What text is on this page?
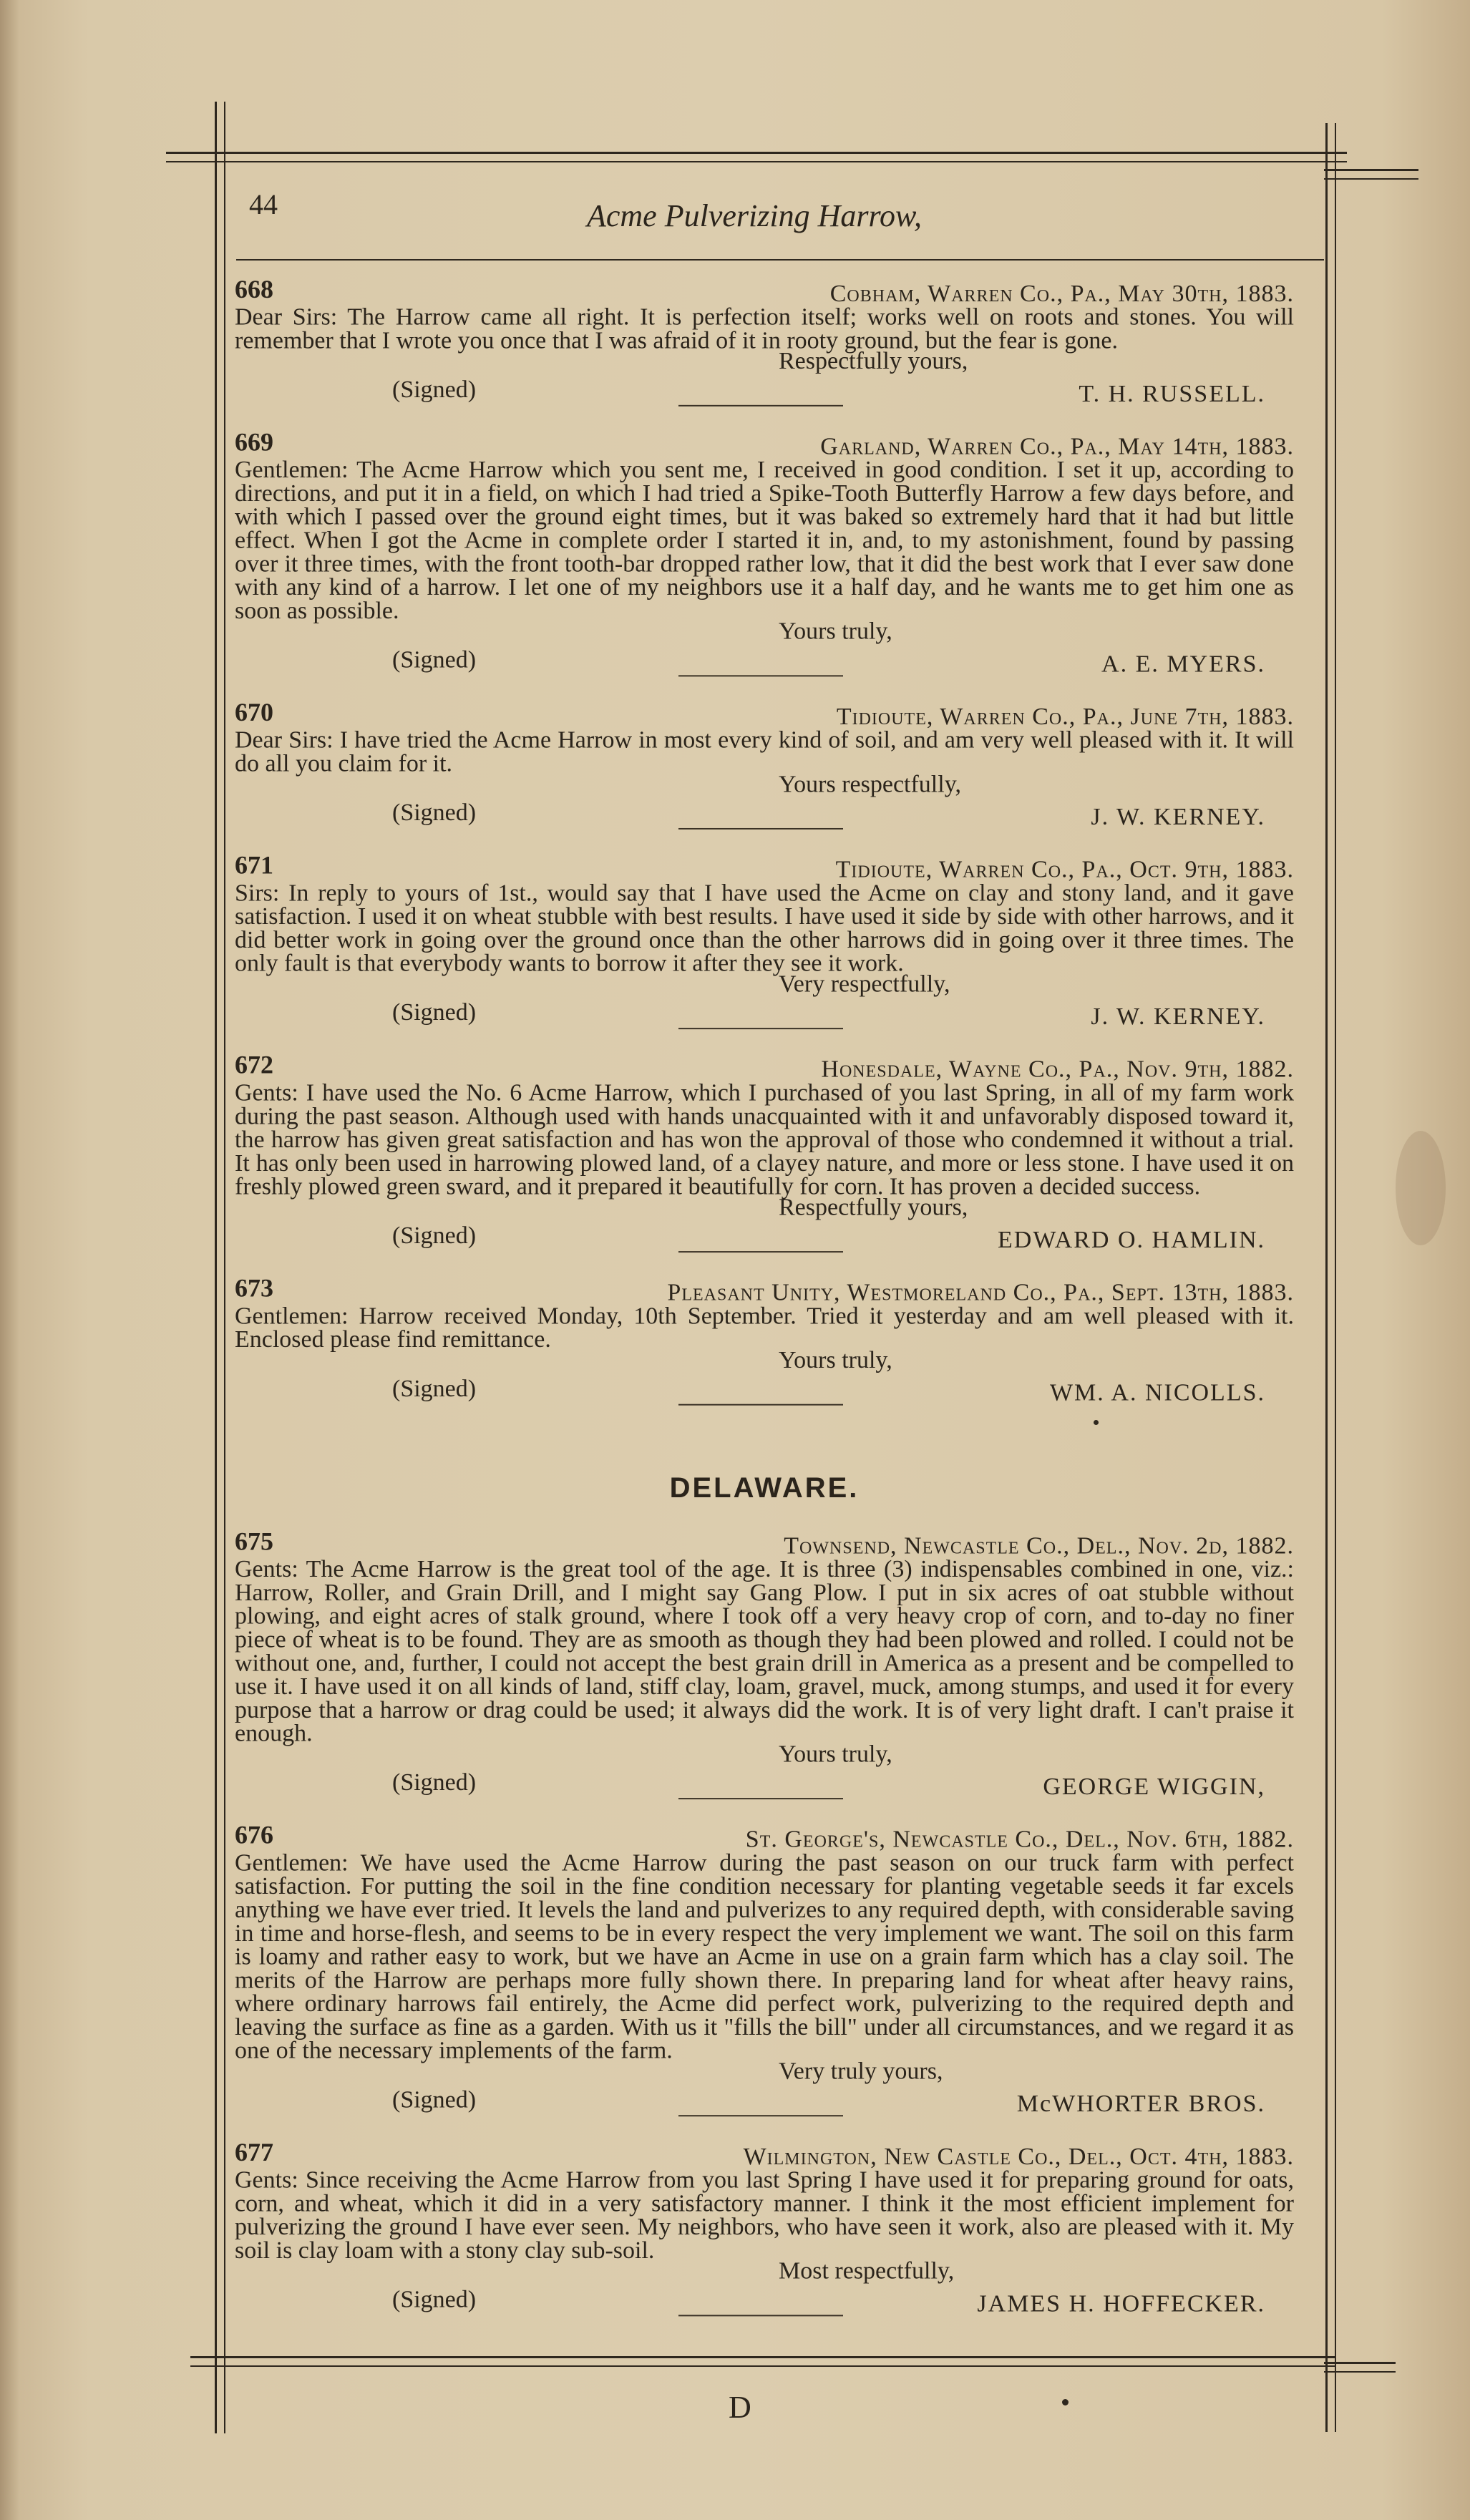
44	Acme Pulverizing Harrow,
668	Cobham, Warren Co., Pa., May 30th, 1883.
Dear Sirs: The Harrow came all right. It is perfection itself; works well on roots and stones. You will remember that I wrote you once that I was afraid of it in rooty ground, but the fear is gone.
Respectfully yours,
(Signed)	T. H. RUSSELL.
669	Garland, Warren Co., Pa., May 14th, 1883.
Gentlemen: The Acme Harrow which you sent me, I received in good condition. I set it up, according to directions, and put it in a field, on which I had tried a Spike-Tooth Butterfly Harrow a few days before, and with which I passed over the ground eight times, but it was baked so extremely hard that it had but little effect. When I got the Acme in complete order I started it in, and, to my astonishment, found by passing over it three times, with the front tooth-bar dropped rather low, that it did the best work that I ever saw done with any kind of a harrow. I let one of my neighbors use it a half day, and he wants me to get him one as soon as possible.
Yours truly,
(Signed)	A. E. MYERS.
670	Tidioute, Warren Co., Pa., June 7th, 1883.
Dear Sirs: I have tried the Acme Harrow in most every kind of soil, and am very well pleased with it. It will do all you claim for it.
Yours respectfully,
(Signed)	J. W. KERNEY.
671	Tidioute, Warren Co., Pa., Oct. 9th, 1883.
Sirs: In reply to yours of 1st., would say that I have used the Acme on clay and stony land, and it gave satisfaction. I used it on wheat stubble with best results. I have used it side by side with other harrows, and it did better work in going over the ground once than the other harrows did in going over it three times. The only fault is that everybody wants to borrow it after they see it work.
Very respectfully,
(Signed)	J. W. KERNEY.
672	Honesdale, Wayne Co., Pa., Nov. 9th, 1882.
Gents: I have used the No. 6 Acme Harrow, which I purchased of you last Spring, in all of my farm work during the past season. Although used with hands unacquainted with it and unfavorably disposed toward it, the harrow has given great satisfaction and has won the approval of those who condemned it without a trial. It has only been used in harrowing plowed land, of a clayey nature, and more or less stone. I have used it on freshly plowed green sward, and it prepared it beautifully for corn. It has proven a decided success.
Respectfully yours,
(Signed)	EDWARD O. HAMLIN.
673	Pleasant Unity, Westmoreland Co., Pa., Sept. 13th, 1883.
Gentlemen: Harrow received Monday, 10th September. Tried it yesterday and am well pleased with it. Enclosed please find remittance.
Yours truly,
(Signed)	WM. A. NICOLLS.
DELAWARE.
675	Townsend, Newcastle Co., Del., Nov. 2d, 1882.
Gents: The Acme Harrow is the great tool of the age. It is three (3) indispensables combined in one, viz.: Harrow, Roller, and Grain Drill, and I might say Gang Plow. I put in six acres of oat stubble without plowing, and eight acres of stalk ground, where I took off a very heavy crop of corn, and to-day no finer piece of wheat is to be found. They are as smooth as though they had been plowed and rolled. I could not be without one, and, further, I could not accept the best grain drill in America as a present and be compelled to use it. I have used it on all kinds of land, stiff clay, loam, gravel, muck, among stumps, and used it for every purpose that a harrow or drag could be used; it always did the work. It is of very light draft. I can't praise it enough.
Yours truly,
(Signed)	GEORGE WIGGIN,
676	St. George's, Newcastle Co., Del., Nov. 6th, 1882.
Gentlemen: We have used the Acme Harrow during the past season on our truck farm with perfect satisfaction. For putting the soil in the fine condition necessary for planting vegetable seeds it far excels anything we have ever tried. It levels the land and pulverizes to any required depth, with considerable saving in time and horse-flesh, and seems to be in every respect the very implement we want. The soil on this farm is loamy and rather easy to work, but we have an Acme in use on a grain farm which has a clay soil. The merits of the Harrow are perhaps more fully shown there. In preparing land for wheat after heavy rains, where ordinary harrows fail entirely, the Acme did perfect work, pulverizing to the required depth and leaving the surface as fine as a garden. With us it "fills the bill" under all circumstances, and we regard it as one of the necessary implements of the farm.
Very truly yours,
(Signed)	McWHORTER BROS.
677	Wilmington, New Castle Co., Del., Oct. 4th, 1883.
Gents: Since receiving the Acme Harrow from you last Spring I have used it for preparing ground for oats, corn, and wheat, which it did in a very satisfactory manner. I think it the most efficient implement for pulverizing the ground I have ever seen. My neighbors, who have seen it work, also are pleased with it. My soil is clay loam with a stony clay sub-soil.
Most respectfully,
(Signed)	JAMES H. HOFFECKER.
D
